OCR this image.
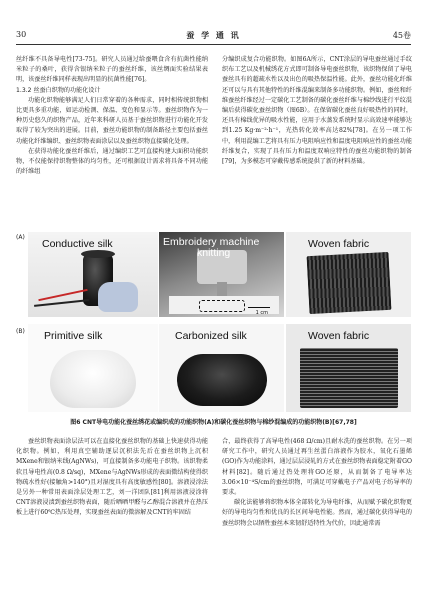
30	蚕 学 通 讯	45卷

丝纤维不具备导电性[73-75]。研究人员通过给蚕喂食含有抗菌性能纳米粒子的桑叶，获得含银纳米粒子的蚕丝纤维，该丝绸面实验结果表明，该蚕丝纤维同样表现出明显的抗菌性能[76]。

1.3.2 丝蚕白织物的功能化设计

功能化织物能够满足人们日常穿着的各种需求，同时相传统织物相比更具多重功能，如运动检测、保温、变色和显示等。蚕丝织物作为一种历史悠久的织物产品，近年来科研人员基于蚕丝织物进行功能化开发取得了较为突出的进展。目前，蚕丝功能织物的制备路径主要包括蚕丝功能化纤维编织、蚕丝织物表面涂层以及蚕丝织物直接碳化处理。

在获得功能化蚕丝纤维后，通过编织工艺可直接构建大面积功能织物，不仅能保持织物整体的均匀性，还可根据设计需求将具备不同功能的纤维组

分编织成复合功能织物。如图6A所示，CNT涂层的导电蚕丝通过手纹织布工艺以及机械绣花方式即可制备导电蚕丝织物，该织物保留了导电蚕丝具有的超疏水性以及出色的吸热保温性能。此外，蚕丝功能化纤维还可以与具有其他特性的纤维混编来制备多功能织物。例如，蚕丝和纤维蚕丝纤维经过一定碳化工艺制备的碳化蚕丝纤维与棉纱线进行平纹混编后获得碳化蚕丝织物（图6B）。在保留碳化蚕丝良好吸热性的同时，还具有棉线优异的吸水性能，应用于水蒸发系统时显示高效速率能够达到1.25 Kg·m⁻²·h⁻¹，光热转化效率高达82%[78]。在另一项工作中，利用混编工艺将具有压力电阻响应性和温度电阻响应性的蚕丝功能纤维复合，实现了具有压力和温度双响应特性的蚕丝功能织物的制备[79]，为多模态可穿戴传感系统提供了新的材料基础。

(A)
Conductive silk
1 cm
Embroidery machine
knitting
Woven fabric
(B) Primitive silk	Carbonized silk	Woven fabric
图6 CNT导电功能化蚕丝绣花或编织成的功能织物(A)和碳化蚕丝织物与棉纱混编成的功能织物(B)[67,78]

蚕丝织物表面涂层法可以在直接化蚕丝织物的基础上快速获得功能化织物。例如，利用真空辅助逐层沉积法先后在蚕丝织物上沉积MXene和银纳米线(AgNWs)，可直接制备多功能电子织物。该织物柔软且导电性高(0.8 Ω/sq)，MXene与AgNWs形成的表面微结构使得织物疏水性好(接触角>140°)且对湿度具有高度敏感性[80]。溶液浸涂法是另外一种常用表面涂层处理工艺，刘一洋团队[81]利用溶液浸涂将CNT溶液浸渍到蚕丝织物表面，随后晒晒甲醛与乙醇混合溶液并在热压板上进行60℃热压处理，实现蚕丝表面的微溶解及CNT的牢固结

合，最终获得了高导电性(468 Ω/cm)且耐水洗的蚕丝织物。在另一项研究工作中，研究人员通过再生丝蛋白溶液作为胶水，氧化石墨烯(GO)作为功能涂料，通过层层浸轧的方式在蚕丝织物表面稳定附着GO材料[82]。随后通过热处理将GO还原，从而制备了电导率达3.06×10⁻⁴S/cm的蚕丝织物，可满足可穿戴电子产品对电子纺导率的要求。

碳化法能够将织物本体全部转化为导电纤维，从而赋予碳化织物更好的导电均匀性和优良的长区间导电性能。然而，通过碳化获得导电的蚕丝织物会以牺牲蚕丝本来韧舒适特性为代价，因此通常需
